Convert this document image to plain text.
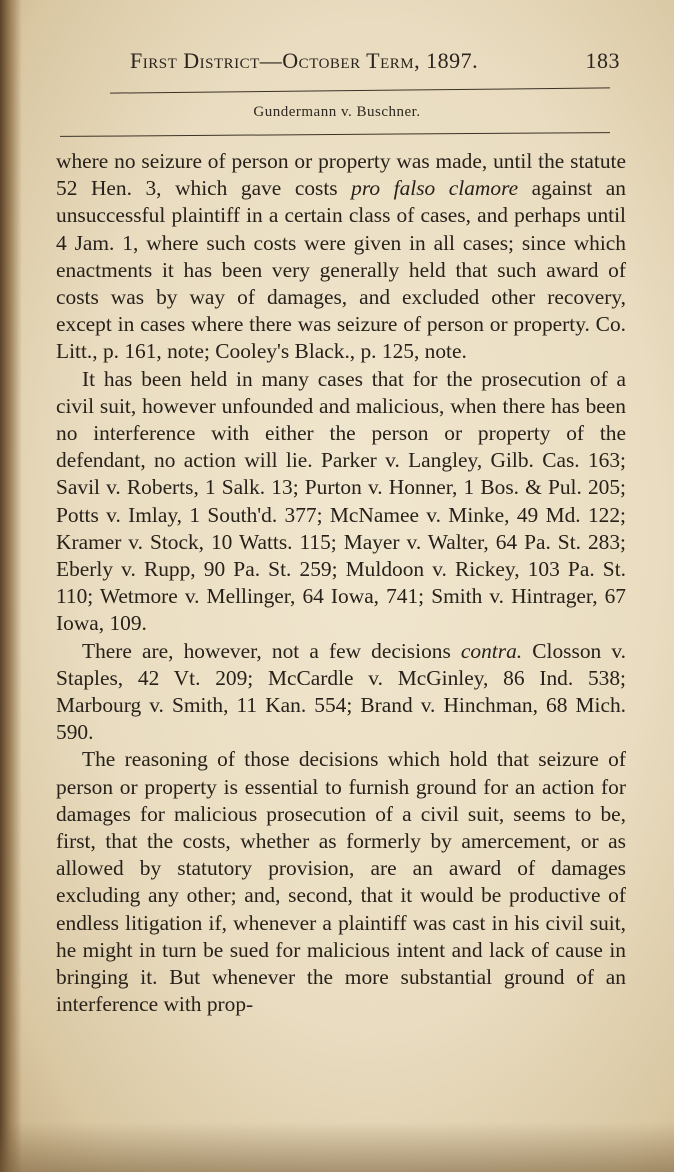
First District—October Term, 1897.	183
Gundermann v. Buschner.

where no seizure of person or property was made, until the statute 52 Hen. 3, which gave costs pro falso clamore against an unsuccessful plaintiff in a certain class of cases, and perhaps until 4 Jam. 1, where such costs were given in all cases; since which enactments it has been very generally held that such award of costs was by way of damages, and excluded other recovery, except in cases where there was seizure of person or property. Co. Litt., p. 161, note; Cooley's Black., p. 125, note.

It has been held in many cases that for the prosecution of a civil suit, however unfounded and malicious, when there has been no interference with either the person or property of the defendant, no action will lie. Parker v. Langley, Gilb. Cas. 163; Savil v. Roberts, 1 Salk. 13; Purton v. Honner, 1 Bos. & Pul. 205; Potts v. Imlay, 1 South'd. 377; McNamee v. Minke, 49 Md. 122; Kramer v. Stock, 10 Watts. 115; Mayer v. Walter, 64 Pa. St. 283; Eberly v. Rupp, 90 Pa. St. 259; Muldoon v. Rickey, 103 Pa. St. 110; Wetmore v. Mellinger, 64 Iowa, 741; Smith v. Hintrager, 67 Iowa, 109.

There are, however, not a few decisions contra. Closson v. Staples, 42 Vt. 209; McCardle v. McGinley, 86 Ind. 538; Marbourg v. Smith, 11 Kan. 554; Brand v. Hinchman, 68 Mich. 590.

The reasoning of those decisions which hold that seizure of person or property is essential to furnish ground for an action for damages for malicious prosecution of a civil suit, seems to be, first, that the costs, whether as formerly by amercement, or as allowed by statutory provision, are an award of damages excluding any other; and, second, that it would be productive of endless litigation if, whenever a plaintiff was cast in his civil suit, he might in turn be sued for malicious intent and lack of cause in bringing it. But whenever the more substantial ground of an interference with prop-
